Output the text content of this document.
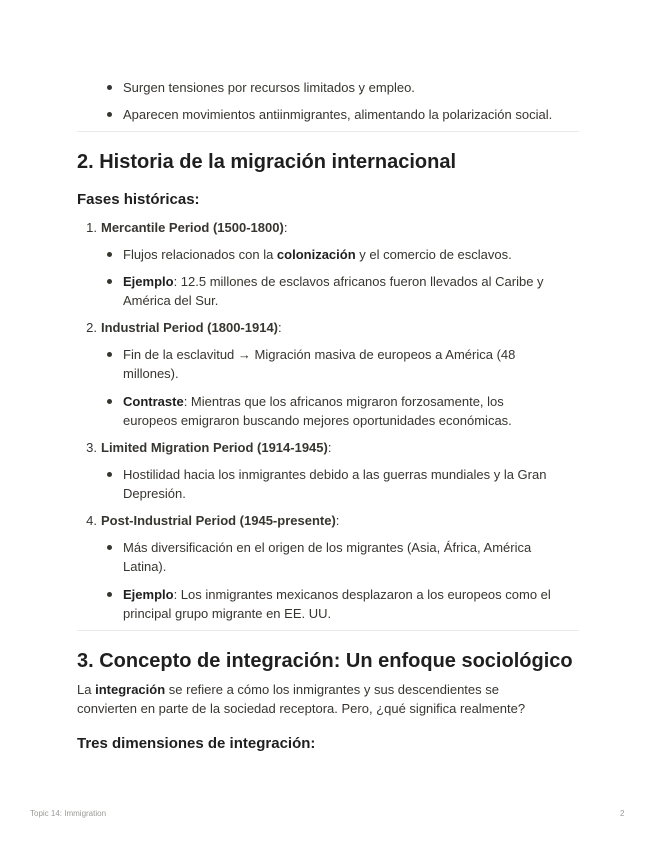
Surgen tensiones por recursos limitados y empleo.
Aparecen movimientos antiinmigrantes, alimentando la polarización social.
2. Historia de la migración internacional
Fases históricas:
1. Mercantile Period (1500-1800):
Flujos relacionados con la colonización y el comercio de esclavos.
Ejemplo: 12.5 millones de esclavos africanos fueron llevados al Caribe y
América del Sur.
2. Industrial Period (1800-1914):
Fin de la esclavitud → Migración masiva de europeos a América (48
millones).
Contraste: Mientras que los africanos migraron forzosamente, los
europeos emigraron buscando mejores oportunidades económicas.
3. Limited Migration Period (1914-1945):
Hostilidad hacia los inmigrantes debido a las guerras mundiales y la Gran
Depresión.
4. Post-Industrial Period (1945-presente):
Más diversificación en el origen de los migrantes (Asia, África, América
Latina).
Ejemplo: Los inmigrantes mexicanos desplazaron a los europeos como el
principal grupo migrante en EE. UU.
3. Concepto de integración: Un enfoque sociológico
La integración se refiere a cómo los inmigrantes y sus descendientes se
convierten en parte de la sociedad receptora. Pero, ¿qué significa realmente?
Tres dimensiones de integración:
Topic 14: Immigration	2
